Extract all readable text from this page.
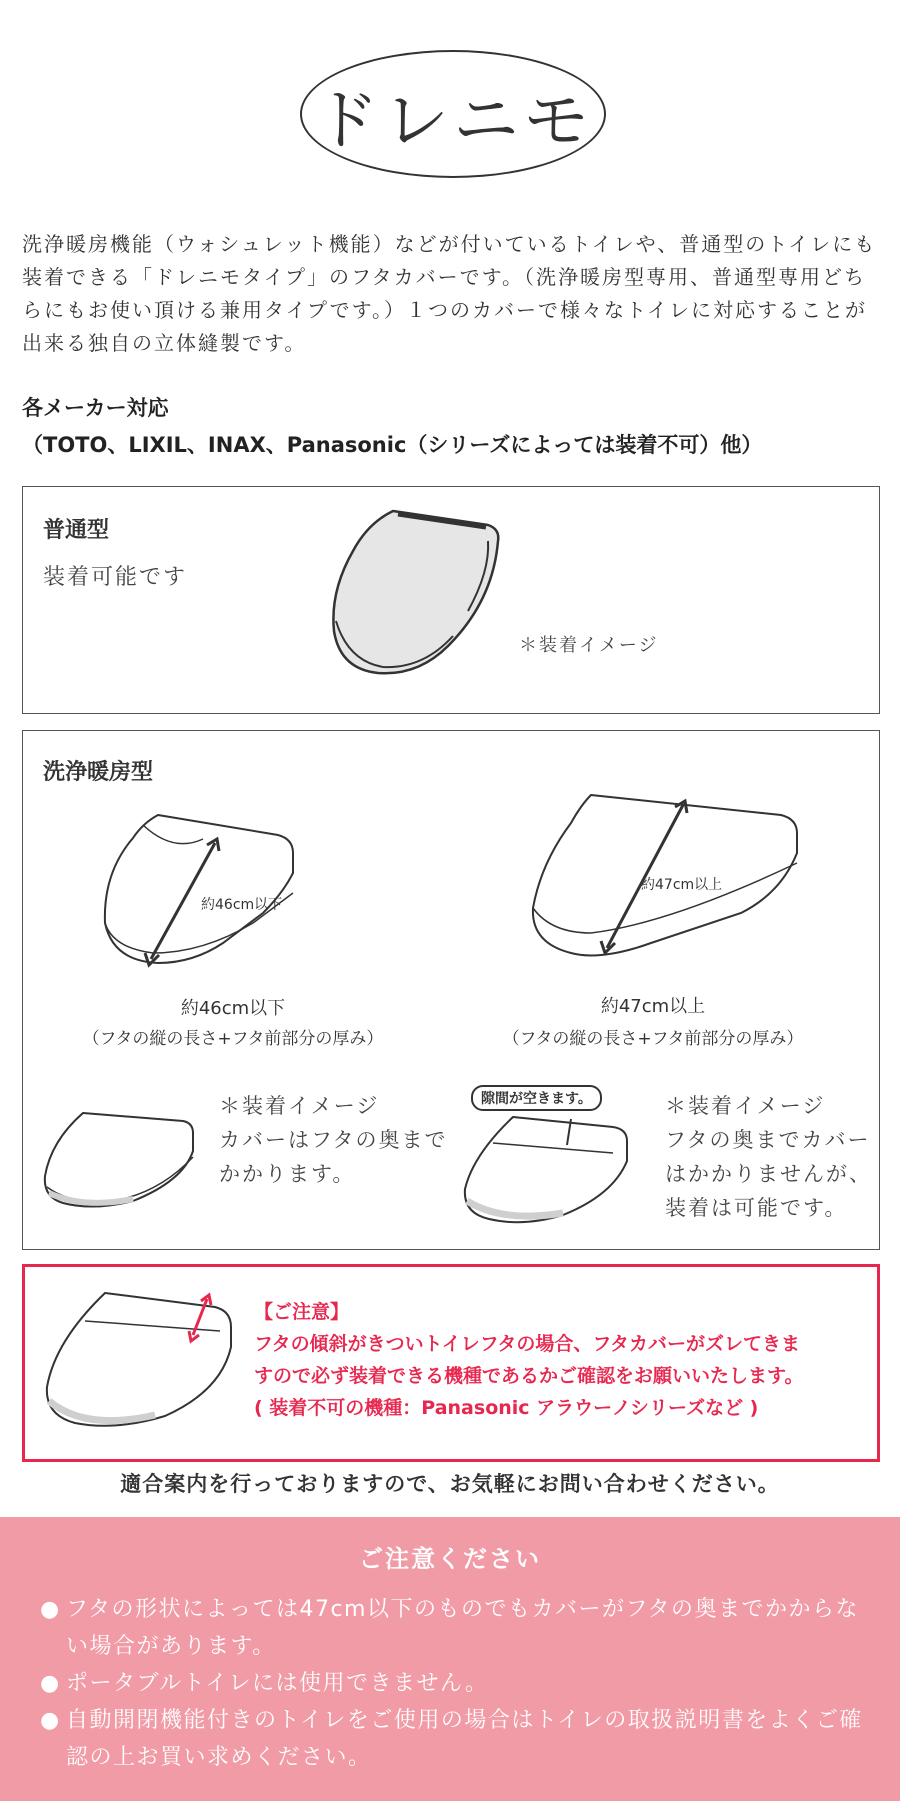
ドレニモ

洗浄暖房機能（ウォシュレット機能）などが付いているトイレや、普通型のトイレにも装着できる「ドレニモタイプ」のフタカバーです。（洗浄暖房型専用、普通型専用どちらにもお使い頂ける兼用タイプです。）１つのカバーで様々なトイレに対応することが出来る独自の立体縫製です。

各メーカー対応

（TOTO、LIXIL、INAX、Panasonic（シリーズによっては装着不可）他）

普通型

装着可能です
＊装着イメージ

洗浄暖房型

約46cm以下
約46cm以下
（フタの縦の長さ+フタ前部分の厚み）
約47cm以上
約47cm以上
（フタの縦の長さ+フタ前部分の厚み）
＊装着イメージ
カバーはフタの奥まで
かかります。
隙間が空きます。	＊装着イメージ
フタの奥までカバー
はかかりませんが、
装着は可能です。
【ご注意】
フタの傾斜がきついトイレフタの場合、フタカバーがズレてきま
すので必ず装着できる機種であるかご確認をお願いいたします。
( 装着不可の機種：Panasonic アラウーノシリーズなど )
適合案内を行っておりますので、お気軽にお問い合わせください。
ご注意ください
● フタの形状によっては47cm以下のものでもカバーがフタの奥までかからない場合があります。
● ポータブルトイレには使用できません。
● 自動開閉機能付きのトイレをご使用の場合はトイレの取扱説明書をよくご確認の上お買い求めください。
